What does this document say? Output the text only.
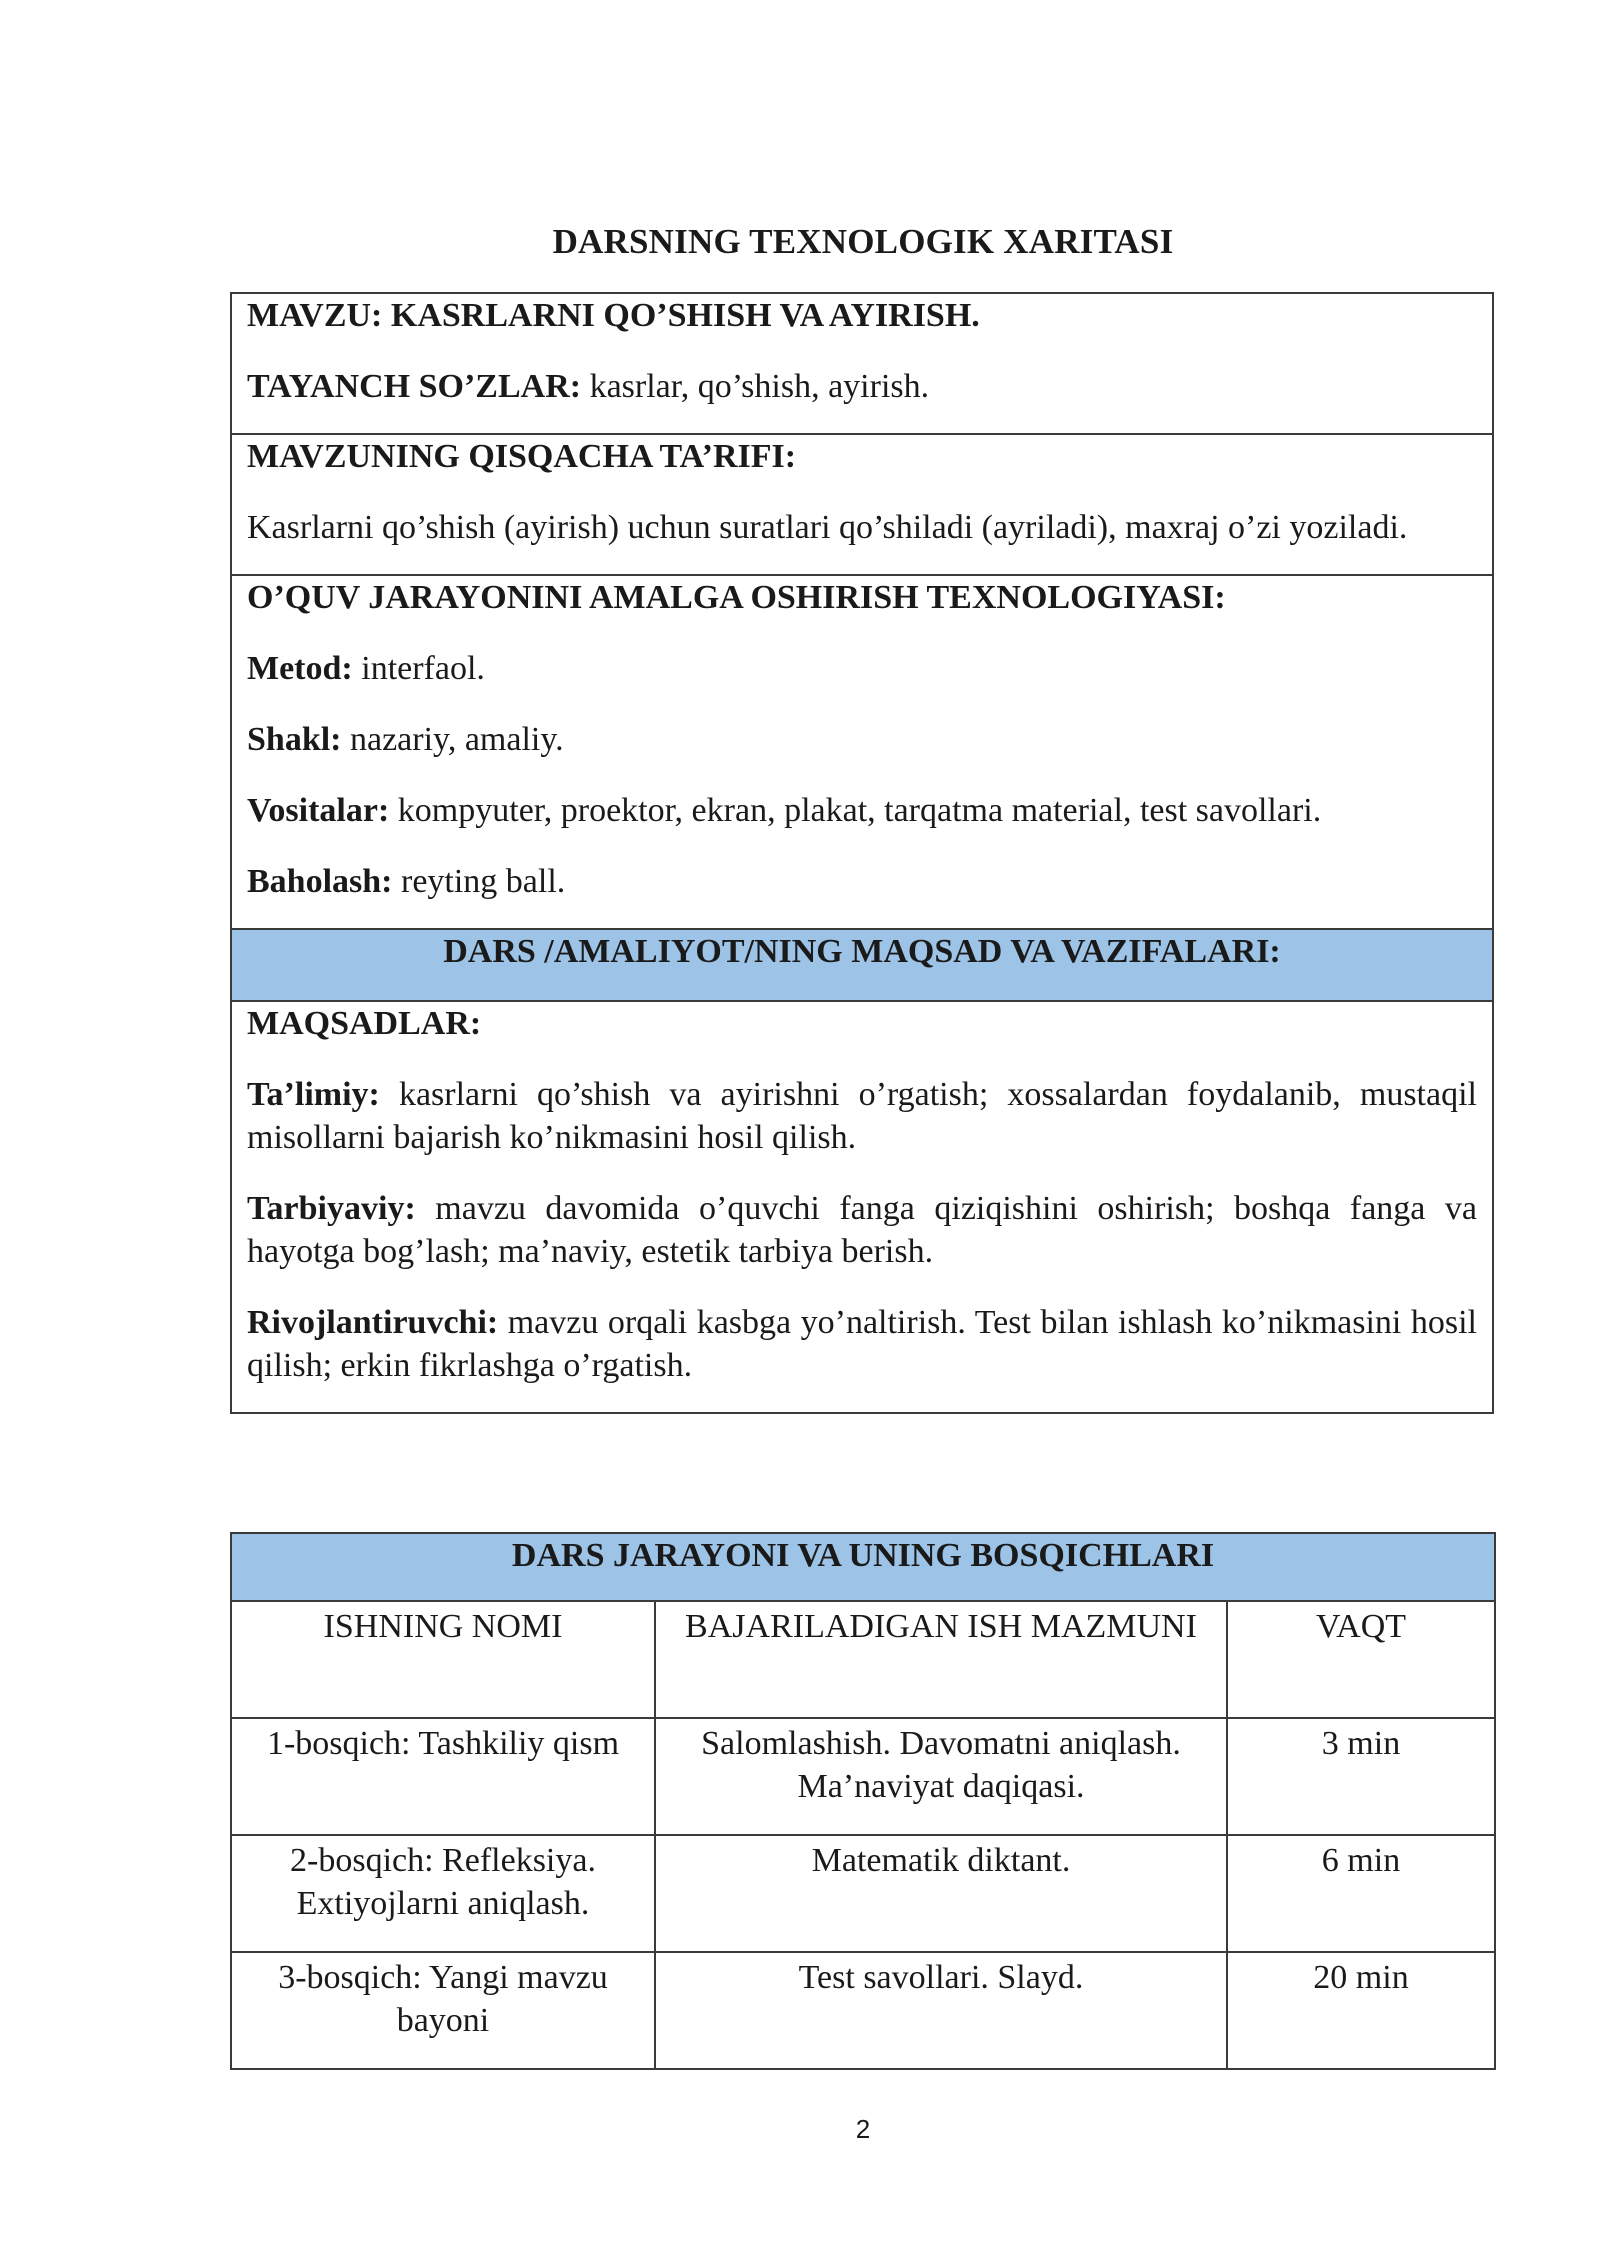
DARSNING TEXNOLOGIK XARITASI

MAVZU: KASRLARNI QO’SHISH VA AYIRISH.

TAYANCH SO’ZLAR: kasrlar, qo’shish, ayirish.

MAVZUNING QISQACHA TA’RIFI:

Kasrlarni qo’shish (ayirish) uchun suratlari qo’shiladi (ayriladi), maxraj o’zi yoziladi.

O’QUV JARAYONINI AMALGA OSHIRISH TEXNOLOGIYASI:

Metod: interfaol.

Shakl: nazariy, amaliy.

Vositalar: kompyuter, proektor, ekran, plakat, tarqatma material, test savollari.

Baholash: reyting ball.

DARS /AMALIYOT/NING MAQSAD VA VAZIFALARI:

MAQSADLAR:

Ta’limiy: kasrlarni qo’shish va ayirishni o’rgatish; xossalardan foydalanib, mustaqil misollarni bajarish ko’nikmasini hosil qilish.

Tarbiyaviy: mavzu davomida o’quvchi fanga qiziqishini oshirish; boshqa fanga va hayotga bog’lash; ma’naviy, estetik tarbiya berish.

Rivojlantiruvchi: mavzu orqali kasbga yo’naltirish. Test bilan ishlash ko’nikmasini hosil qilish; erkin fikrlashga o’rgatish.

DARS JARAYONI VA UNING BOSQICHLARI		
ISHNING NOMI	BAJARILADIGAN ISH MAZMUNI	VAQT
1-bosqich: Tashkiliy qism	Salomlashish. Davomatni aniqlash. Ma’naviyat daqiqasi.	3 min
2-bosqich: Refleksiya. Extiyojlarni aniqlash.	Matematik diktant.	6 min
3-bosqich: Yangi mavzu bayoni	Test savollari. Slayd.	20 min
2
